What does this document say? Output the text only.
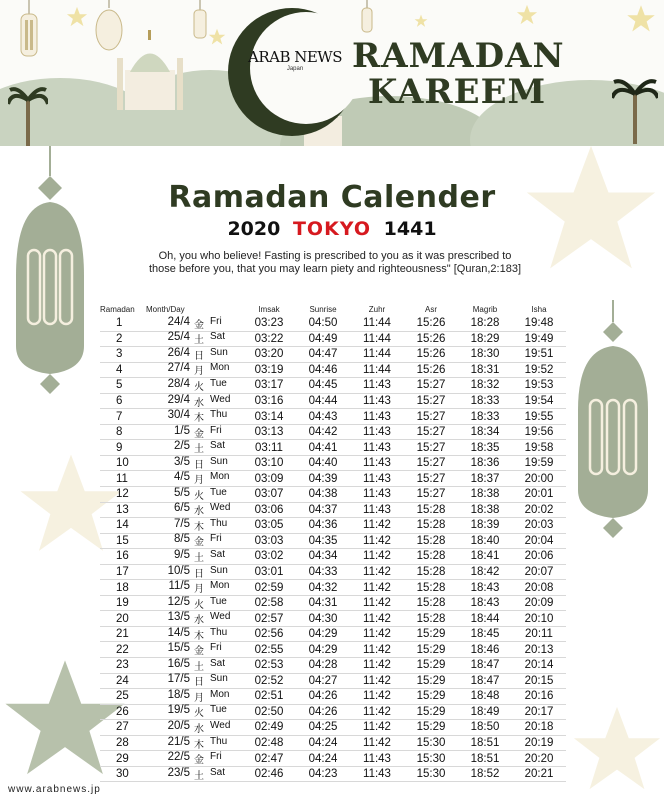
ARAB NEWS
Japan	RAMADAN
KAREEM
Ramadan Calender
2020 TOKYO 1441
Oh, you who believe! Fasting is prescribed to you as it was prescribed to
those before you, that you may learn piety and righteousness" [Quran,2:183]
Ramadan	Month/Day	Imsak	Sunrise	Zuhr	Asr	Magrib	Isha
1	24/4 金 Fri	03:23	04:50	11:44	15:26	18:28	19:48
2	25/4 土 Sat	03:22	04:49	11:44	15:26	18:29	19:49
3	26/4 日 Sun	03:20	04:47	11:44	15:26	18:30	19:51
4	27/4 月 Mon	03:19	04:46	11:44	15:26	18:31	19:52
5	28/4 火 Tue	03:17	04:45	11:43	15:27	18:32	19:53
6	29/4 水 Wed	03:16	04:44	11:43	15:27	18:33	19:54
7	30/4 木 Thu	03:14	04:43	11:43	15:27	18:33	19:55
8	1/5 金 Fri	03:13	04:42	11:43	15:27	18:34	19:56
9	2/5 土 Sat	03:11	04:41	11:43	15:27	18:35	19:58
10	3/5 日 Sun	03:10	04:40	11:43	15:27	18:36	19:59
11	4/5 月 Mon	03:09	04:39	11:43	15:27	18:37	20:00
12	5/5 火 Tue	03:07	04:38	11:43	15:27	18:38	20:01
13	6/5 水 Wed	03:06	04:37	11:43	15:28	18:38	20:02
14	7/5 木 Thu	03:05	04:36	11:42	15:28	18:39	20:03
15	8/5 金 Fri	03:03	04:35	11:42	15:28	18:40	20:04
16	9/5 土 Sat	03:02	04:34	11:42	15:28	18:41	20:06
17	10/5 日 Sun	03:01	04:33	11:42	15:28	18:42	20:07
18	11/5 月 Mon	02:59	04:32	11:42	15:28	18:43	20:08
19	12/5 火 Tue	02:58	04:31	11:42	15:28	18:43	20:09
20	13/5 水 Wed	02:57	04:30	11:42	15:28	18:44	20:10
21	14/5 木 Thu	02:56	04:29	11:42	15:29	18:45	20:11
22	15/5 金 Fri	02:55	04:29	11:42	15:29	18:46	20:13
23	16/5 土 Sat	02:53	04:28	11:42	15:29	18:47	20:14
24	17/5 日 Sun	02:52	04:27	11:42	15:29	18:47	20:15
25	18/5 月 Mon	02:51	04:26	11:42	15:29	18:48	20:16
26	19/5 火 Tue	02:50	04:26	11:42	15:29	18:49	20:17
27	20/5 水 Wed	02:49	04:25	11:42	15:29	18:50	20:18
28	21/5 木 Thu	02:48	04:24	11:42	15:30	18:51	20:19
29	22/5 金 Fri	02:47	04:24	11:43	15:30	18:51	20:20
30	23/5 土 Sat	02:46	04:23	11:43	15:30	18:52	20:21
www.arabnews.jp
